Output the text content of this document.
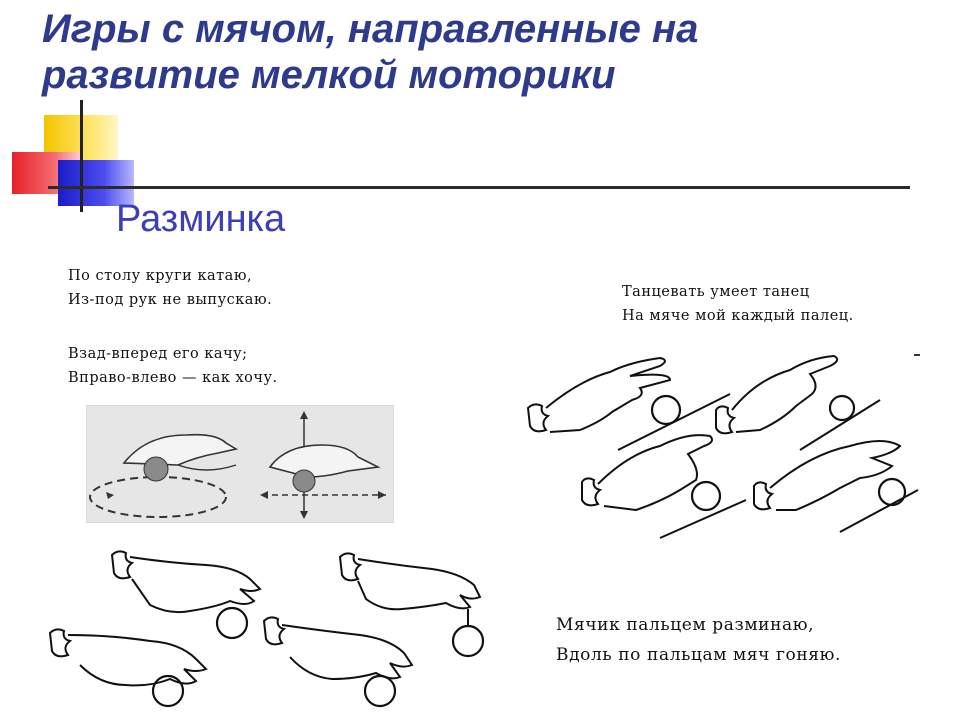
Игры с мячом, направленные на
развитие мелкой моторики
Разминка
По столу круги катаю,
Из-под рук не выпускаю.
Взад-вперед его качу;
Вправо-влево — как хочу.
Танцевать умеет танец
На мяче мой каждый палец.
Мячик пальцем разминаю,
Вдоль по пальцам мяч гоняю.
